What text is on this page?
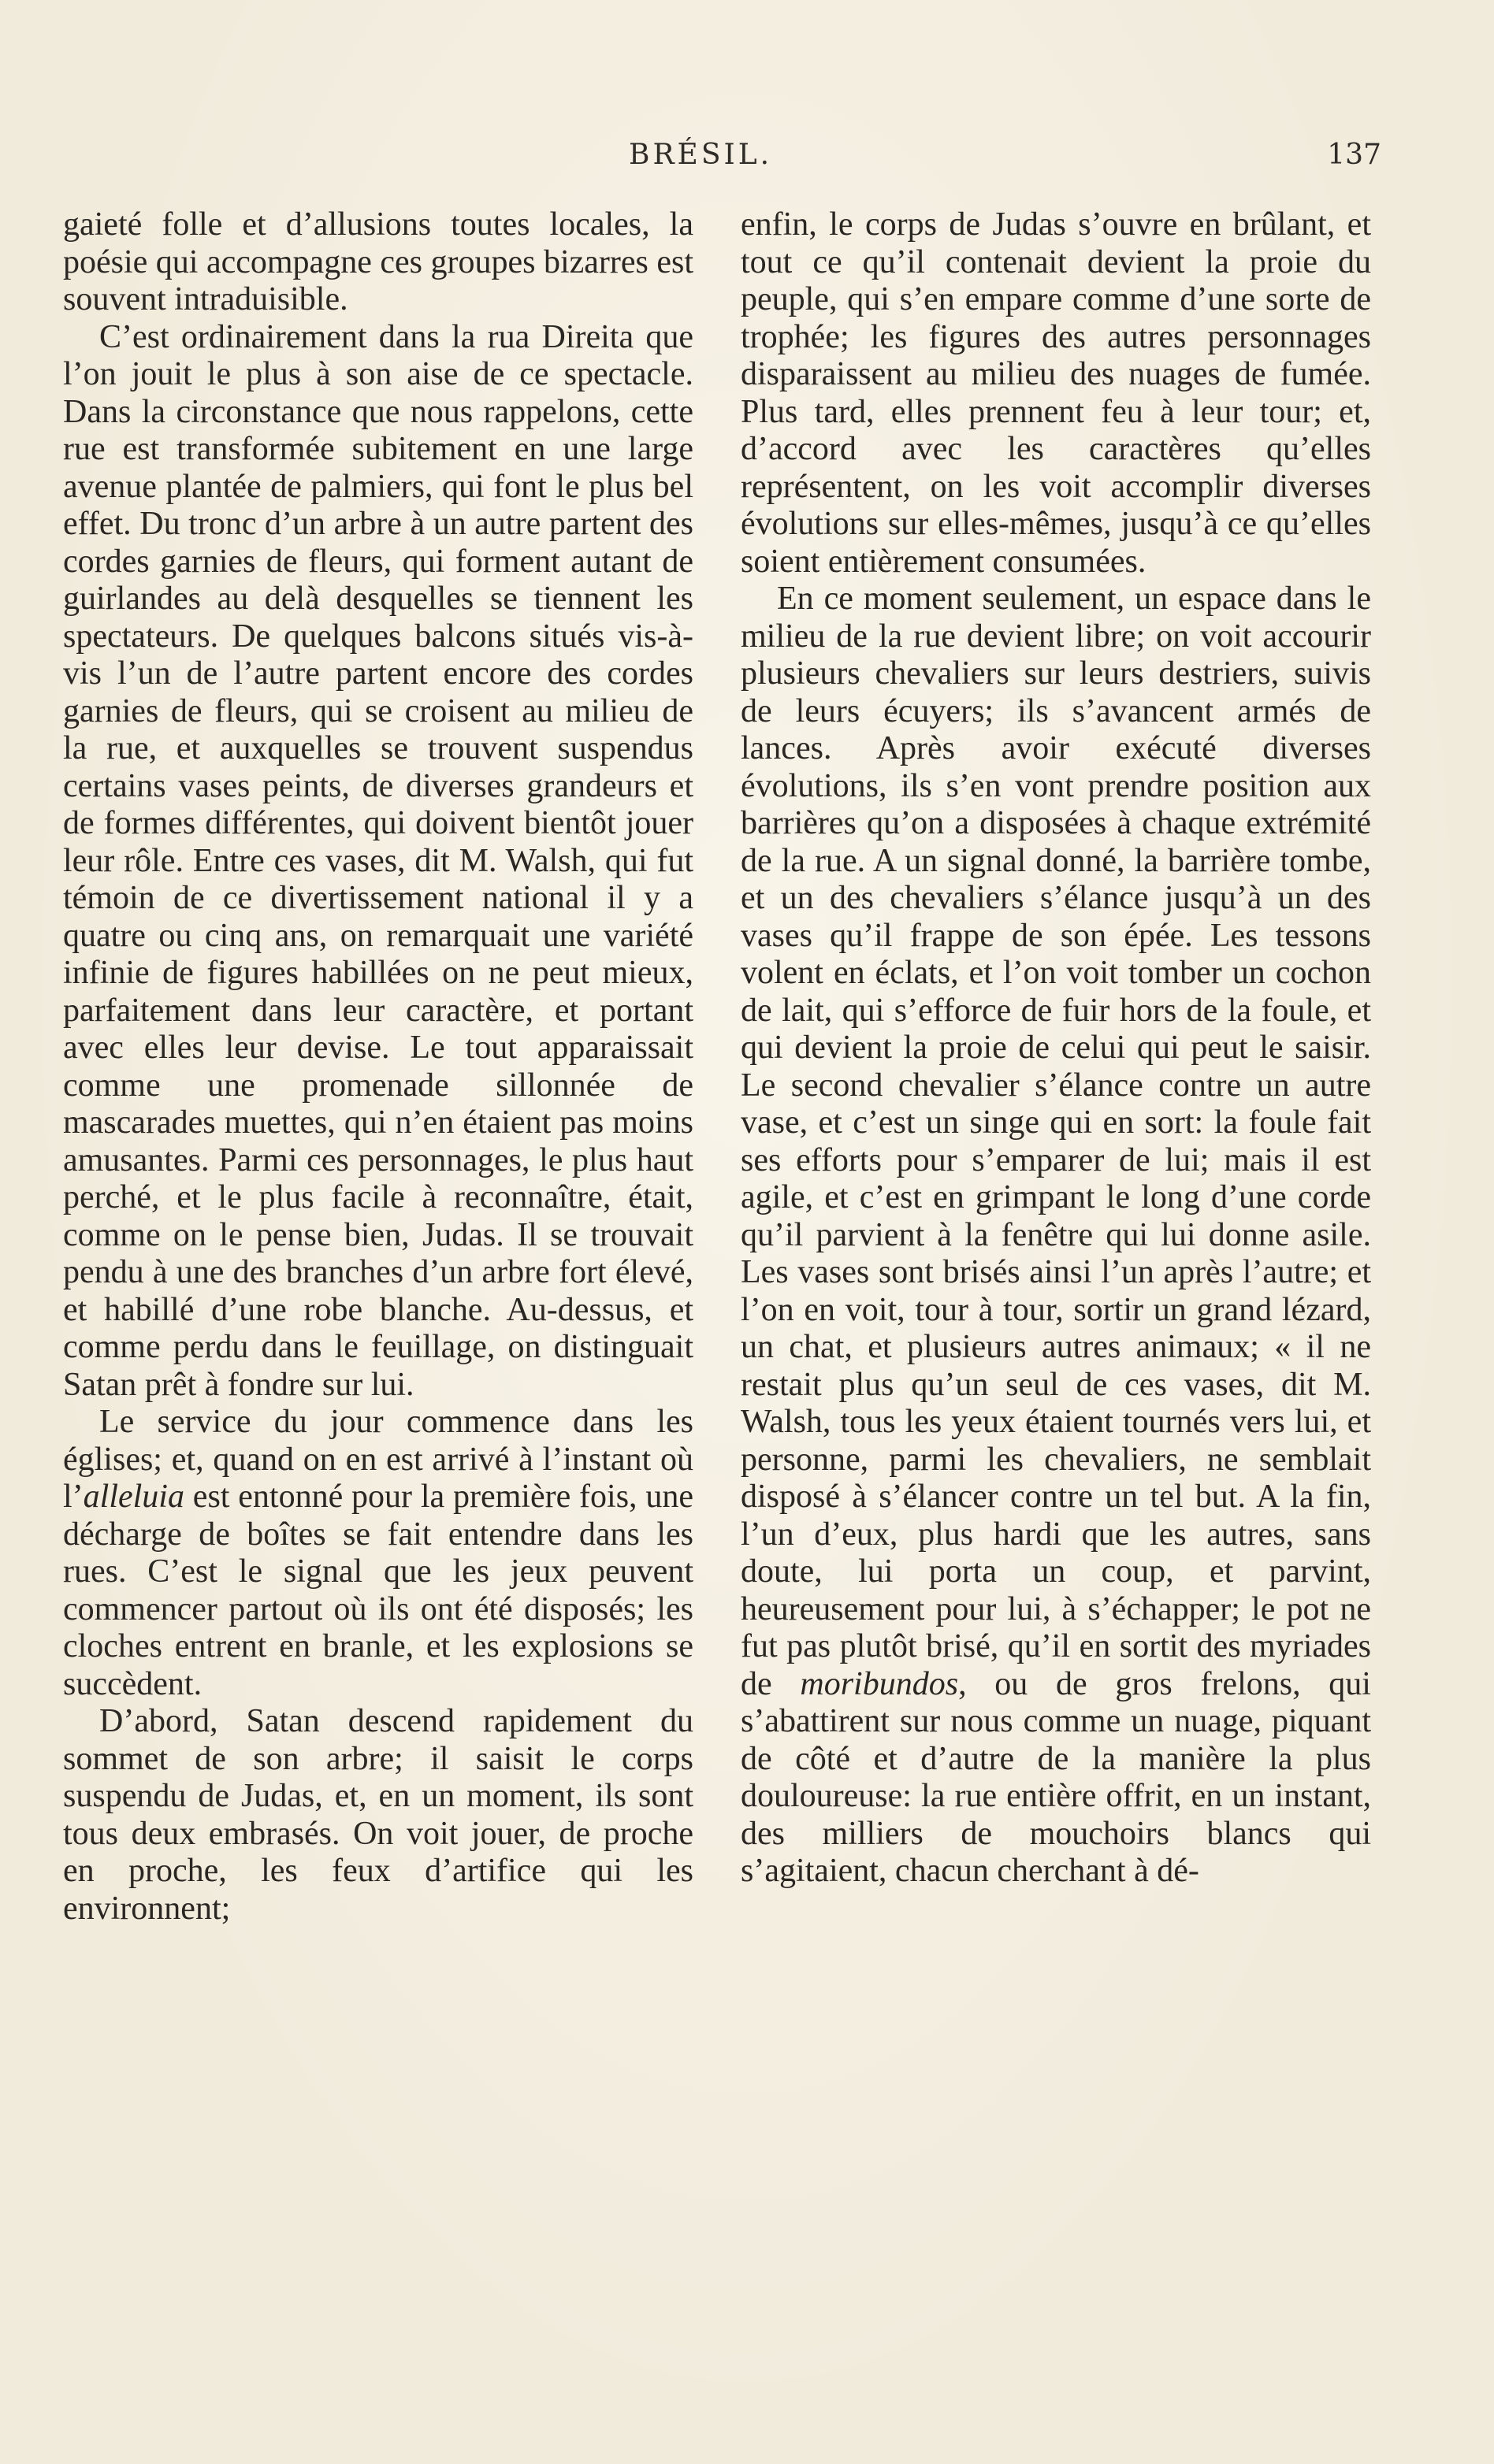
BRÉSIL.	137

gaieté folle et d’allusions toutes locales, la poésie qui accompagne ces groupes bizarres est souvent intraduisible.

C’est ordinairement dans la rua Direita que l’on jouit le plus à son aise de ce spectacle. Dans la circonstance que nous rappelons, cette rue est transformée subitement en une large avenue plantée de palmiers, qui font le plus bel effet. Du tronc d’un arbre à un autre partent des cordes garnies de fleurs, qui forment autant de guirlandes au delà desquelles se tiennent les spectateurs. De quelques balcons situés vis-à-vis l’un de l’autre partent encore des cordes garnies de fleurs, qui se croisent au milieu de la rue, et auxquelles se trouvent suspendus certains vases peints, de diverses grandeurs et de formes différentes, qui doivent bientôt jouer leur rôle. Entre ces vases, dit M. Walsh, qui fut témoin de ce divertissement national il y a quatre ou cinq ans, on remarquait une variété infinie de figures habillées on ne peut mieux, parfaitement dans leur caractère, et portant avec elles leur devise. Le tout apparaissait comme une promenade sillonnée de mascarades muettes, qui n’en étaient pas moins amusantes. Parmi ces personnages, le plus haut perché, et le plus facile à reconnaître, était, comme on le pense bien, Judas. Il se trouvait pendu à une des branches d’un arbre fort élevé, et habillé d’une robe blanche. Au-dessus, et comme perdu dans le feuillage, on distinguait Satan prêt à fondre sur lui.

Le service du jour commence dans les églises; et, quand on en est arrivé à l’instant où l’alleluia est entonné pour la première fois, une décharge de boîtes se fait entendre dans les rues. C’est le signal que les jeux peuvent commencer partout où ils ont été disposés; les cloches entrent en branle, et les explosions se succèdent.

D’abord, Satan descend rapidement du sommet de son arbre; il saisit le corps suspendu de Judas, et, en un moment, ils sont tous deux embrasés. On voit jouer, de proche en proche, les feux d’artifice qui les environnent;

enfin, le corps de Judas s’ouvre en brûlant, et tout ce qu’il contenait devient la proie du peuple, qui s’en empare comme d’une sorte de trophée; les figures des autres personnages disparaissent au milieu des nuages de fumée. Plus tard, elles prennent feu à leur tour; et, d’accord avec les caractères qu’elles représentent, on les voit accomplir diverses évolutions sur elles-mêmes, jusqu’à ce qu’elles soient entièrement consumées.

En ce moment seulement, un espace dans le milieu de la rue devient libre; on voit accourir plusieurs chevaliers sur leurs destriers, suivis de leurs écuyers; ils s’avancent armés de lances. Après avoir exécuté diverses évolutions, ils s’en vont prendre position aux barrières qu’on a disposées à chaque extrémité de la rue. A un signal donné, la barrière tombe, et un des chevaliers s’élance jusqu’à un des vases qu’il frappe de son épée. Les tessons volent en éclats, et l’on voit tomber un cochon de lait, qui s’efforce de fuir hors de la foule, et qui devient la proie de celui qui peut le saisir. Le second chevalier s’élance contre un autre vase, et c’est un singe qui en sort: la foule fait ses efforts pour s’emparer de lui; mais il est agile, et c’est en grimpant le long d’une corde qu’il parvient à la fenêtre qui lui donne asile. Les vases sont brisés ainsi l’un après l’autre; et l’on en voit, tour à tour, sortir un grand lézard, un chat, et plusieurs autres animaux; « il ne restait plus qu’un seul de ces vases, dit M. Walsh, tous les yeux étaient tournés vers lui, et personne, parmi les chevaliers, ne semblait disposé à s’élancer contre un tel but. A la fin, l’un d’eux, plus hardi que les autres, sans doute, lui porta un coup, et parvint, heureusement pour lui, à s’échapper; le pot ne fut pas plutôt brisé, qu’il en sortit des myriades de moribundos, ou de gros frelons, qui s’abattirent sur nous comme un nuage, piquant de côté et d’autre de la manière la plus douloureuse: la rue entière offrit, en un instant, des milliers de mouchoirs blancs qui s’agitaient, chacun cherchant à dé-
